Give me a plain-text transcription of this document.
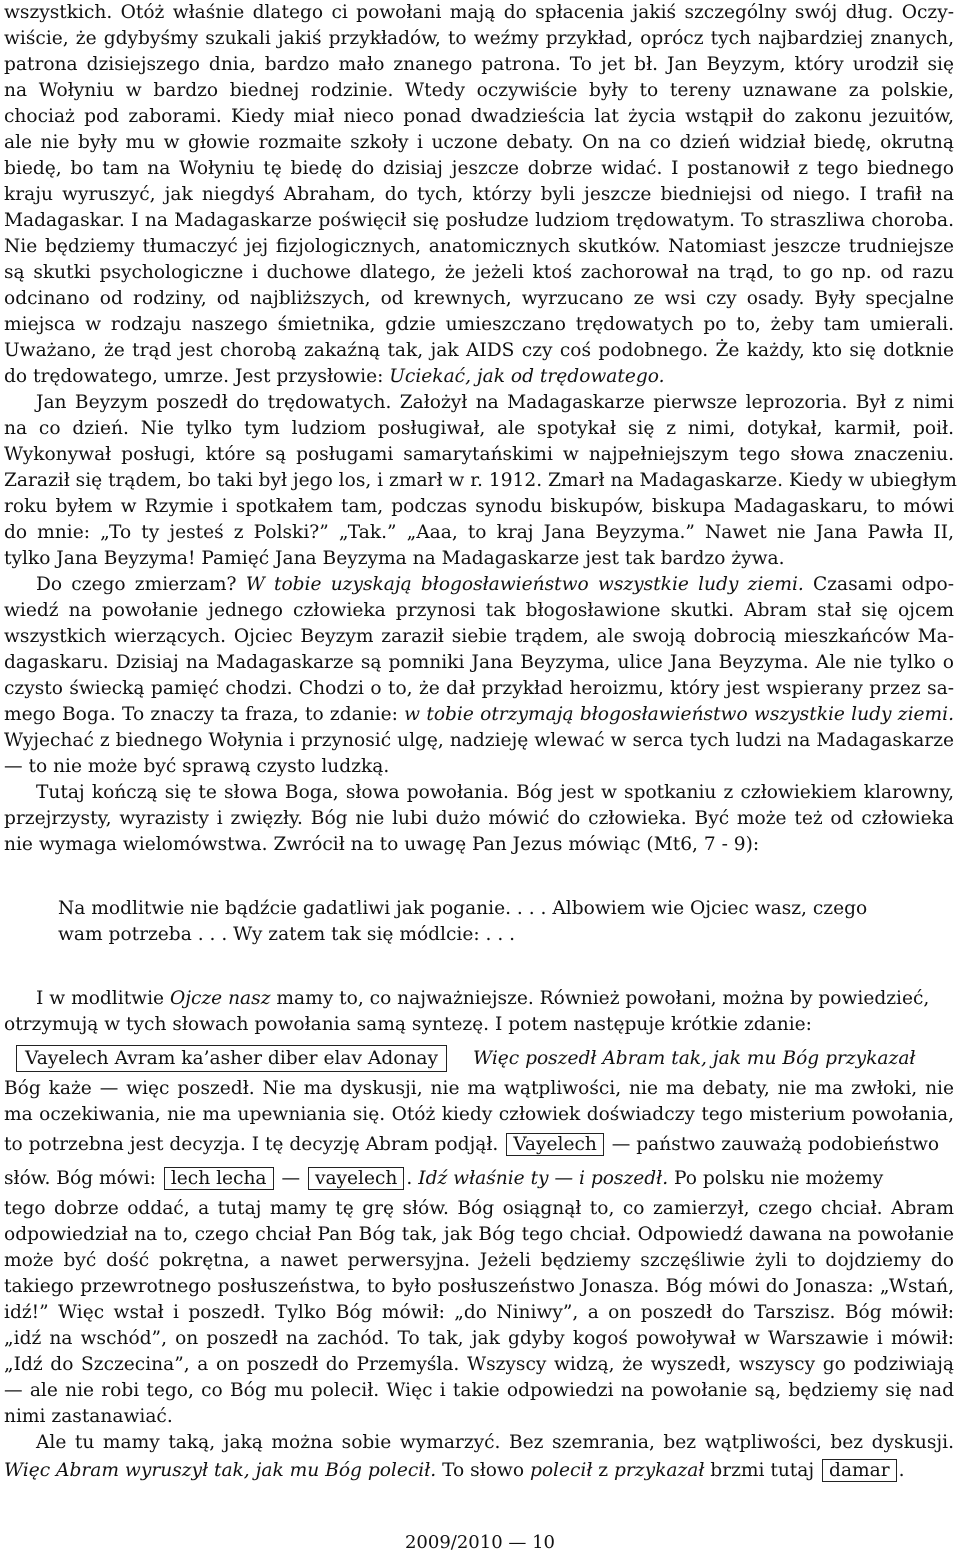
wszystkich. Otóż właśnie dlatego ci powołani mają do spłacenia jakiś szczególny swój dług. Oczy-
wiście, że gdybyśmy szukali jakiś przykładów, to weźmy przykład, oprócz tych najbardziej znanych,
patrona dzisiejszego dnia, bardzo mało znanego patrona. To jet bł. Jan Beyzym, który urodził się
na Wołyniu w bardzo biednej rodzinie. Wtedy oczywiście były to tereny uznawane za polskie,
chociaż pod zaborami. Kiedy miał nieco ponad dwadzieścia lat życia wstąpił do zakonu jezuitów,
ale nie były mu w głowie rozmaite szkoły i uczone debaty. On na co dzień widział biedę, okrutną
biedę, bo tam na Wołyniu tę biedę do dzisiaj jeszcze dobrze widać. I postanowił z tego biednego
kraju wyruszyć, jak niegdyś Abraham, do tych, którzy byli jeszcze biedniejsi od niego. I trafił na
Madagaskar. I na Madagaskarze poświęcił się posłudze ludziom trędowatym. To straszliwa choroba.
Nie będziemy tłumaczyć jej fizjologicznych, anatomicznych skutków. Natomiast jeszcze trudniejsze
są skutki psychologiczne i duchowe dlatego, że jeżeli ktoś zachorował na trąd, to go np. od razu
odcinano od rodziny, od najbliższych, od krewnych, wyrzucano ze wsi czy osady. Były specjalne
miejsca w rodzaju naszego śmietnika, gdzie umieszczano trędowatych po to, żeby tam umierali.
Uważano, że trąd jest chorobą zakaźną tak, jak AIDS czy coś podobnego. Że każdy, kto się dotknie
do trędowatego, umrze. Jest przysłowie: Uciekać, jak od trędowatego.
Jan Beyzym poszedł do trędowatych. Założył na Madagaskarze pierwsze leprozoria. Był z nimi
na co dzień. Nie tylko tym ludziom posługiwał, ale spotykał się z nimi, dotykał, karmił, poił.
Wykonywał posługi, które są posługami samarytańskimi w najpełniejszym tego słowa znaczeniu.
Zaraził się trądem, bo taki był jego los, i zmarł w r. 1912. Zmarł na Madagaskarze. Kiedy w ubiegłym
roku byłem w Rzymie i spotkałem tam, podczas synodu biskupów, biskupa Madagaskaru, to mówi
do mnie: „To ty jesteś z Polski?” „Tak.” „Aaa, to kraj Jana Beyzyma.” Nawet nie Jana Pawła II,
tylko Jana Beyzyma! Pamięć Jana Beyzyma na Madagaskarze jest tak bardzo żywa.
Do czego zmierzam? W tobie uzyskają błogosławieństwo wszystkie ludy ziemi. Czasami odpo-
wiedź na powołanie jednego człowieka przynosi tak błogosławione skutki. Abram stał się ojcem
wszystkich wierzących. Ojciec Beyzym zaraził siebie trądem, ale swoją dobrocią mieszkańców Ma-
dagaskaru. Dzisiaj na Madagaskarze są pomniki Jana Beyzyma, ulice Jana Beyzyma. Ale nie tylko o
czysto świecką pamięć chodzi. Chodzi o to, że dał przykład heroizmu, który jest wspierany przez sa-
mego Boga. To znaczy ta fraza, to zdanie: w tobie otrzymają błogosławieństwo wszystkie ludy ziemi.
Wyjechać z biednego Wołynia i przynosić ulgę, nadzieję wlewać w serca tych ludzi na Madagaskarze
— to nie może być sprawą czysto ludzką.
Tutaj kończą się te słowa Boga, słowa powołania. Bóg jest w spotkaniu z człowiekiem klarowny,
przejrzysty, wyrazisty i zwięzły. Bóg nie lubi dużo mówić do człowieka. Być może też od człowieka
nie wymaga wielomówstwa. Zwrócił na to uwagę Pan Jezus mówiąc (Mt6, 7 - 9):
Na modlitwie nie bądźcie gadatliwi jak poganie. . . . Albowiem wie Ojciec wasz, czego
wam potrzeba . . . Wy zatem tak się módlcie: . . .
I w modlitwie Ojcze nasz mamy to, co najważniejsze. Również powołani, można by powiedzieć,
otrzymują w tych słowach powołania samą syntezę. I potem następuje krótkie zdanie:
Vayelech Avram ka’asher diber elav Adonay Więc poszedł Abram tak, jak mu Bóg przykazał
Bóg każe — więc poszedł. Nie ma dyskusji, nie ma wątpliwości, nie ma debaty, nie ma zwłoki, nie
ma oczekiwania, nie ma upewniania się. Otóż kiedy człowiek doświadczy tego misterium powołania,
to potrzebna jest decyzja. I tę decyzję Abram podjął. Vayelech — państwo zauważą podobieństwo
słów. Bóg mówi: lech lecha — vayelech . Idź właśnie ty — i poszedł. Po polsku nie możemy
tego dobrze oddać, a tutaj mamy tę grę słów. Bóg osiągnął to, co zamierzył, czego chciał. Abram
odpowiedział na to, czego chciał Pan Bóg tak, jak Bóg tego chciał. Odpowiedź dawana na powołanie
może być dość pokrętna, a nawet perwersyjna. Jeżeli będziemy szczęśliwie żyli to dojdziemy do
takiego przewrotnego posłuszeństwa, to było posłuszeństwo Jonasza. Bóg mówi do Jonasza: „Wstań,
idź!” Więc wstał i poszedł. Tylko Bóg mówił: „do Niniwy”, a on poszedł do Tarszisz. Bóg mówił:
„idź na wschód”, on poszedł na zachód. To tak, jak gdyby kogoś powoływał w Warszawie i mówił:
„Idź do Szczecina”, a on poszedł do Przemyśla. Wszyscy widzą, że wyszedł, wszyscy go podziwiają
— ale nie robi tego, co Bóg mu polecił. Więc i takie odpowiedzi na powołanie są, będziemy się nad
nimi zastanawiać.
Ale tu mamy taką, jaką można sobie wymarzyć. Bez szemrania, bez wątpliwości, bez dyskusji.
Więc Abram wyruszył tak, jak mu Bóg polecił. To słowo polecił z przykazał brzmi tutaj damar .
2009/2010 — 10
